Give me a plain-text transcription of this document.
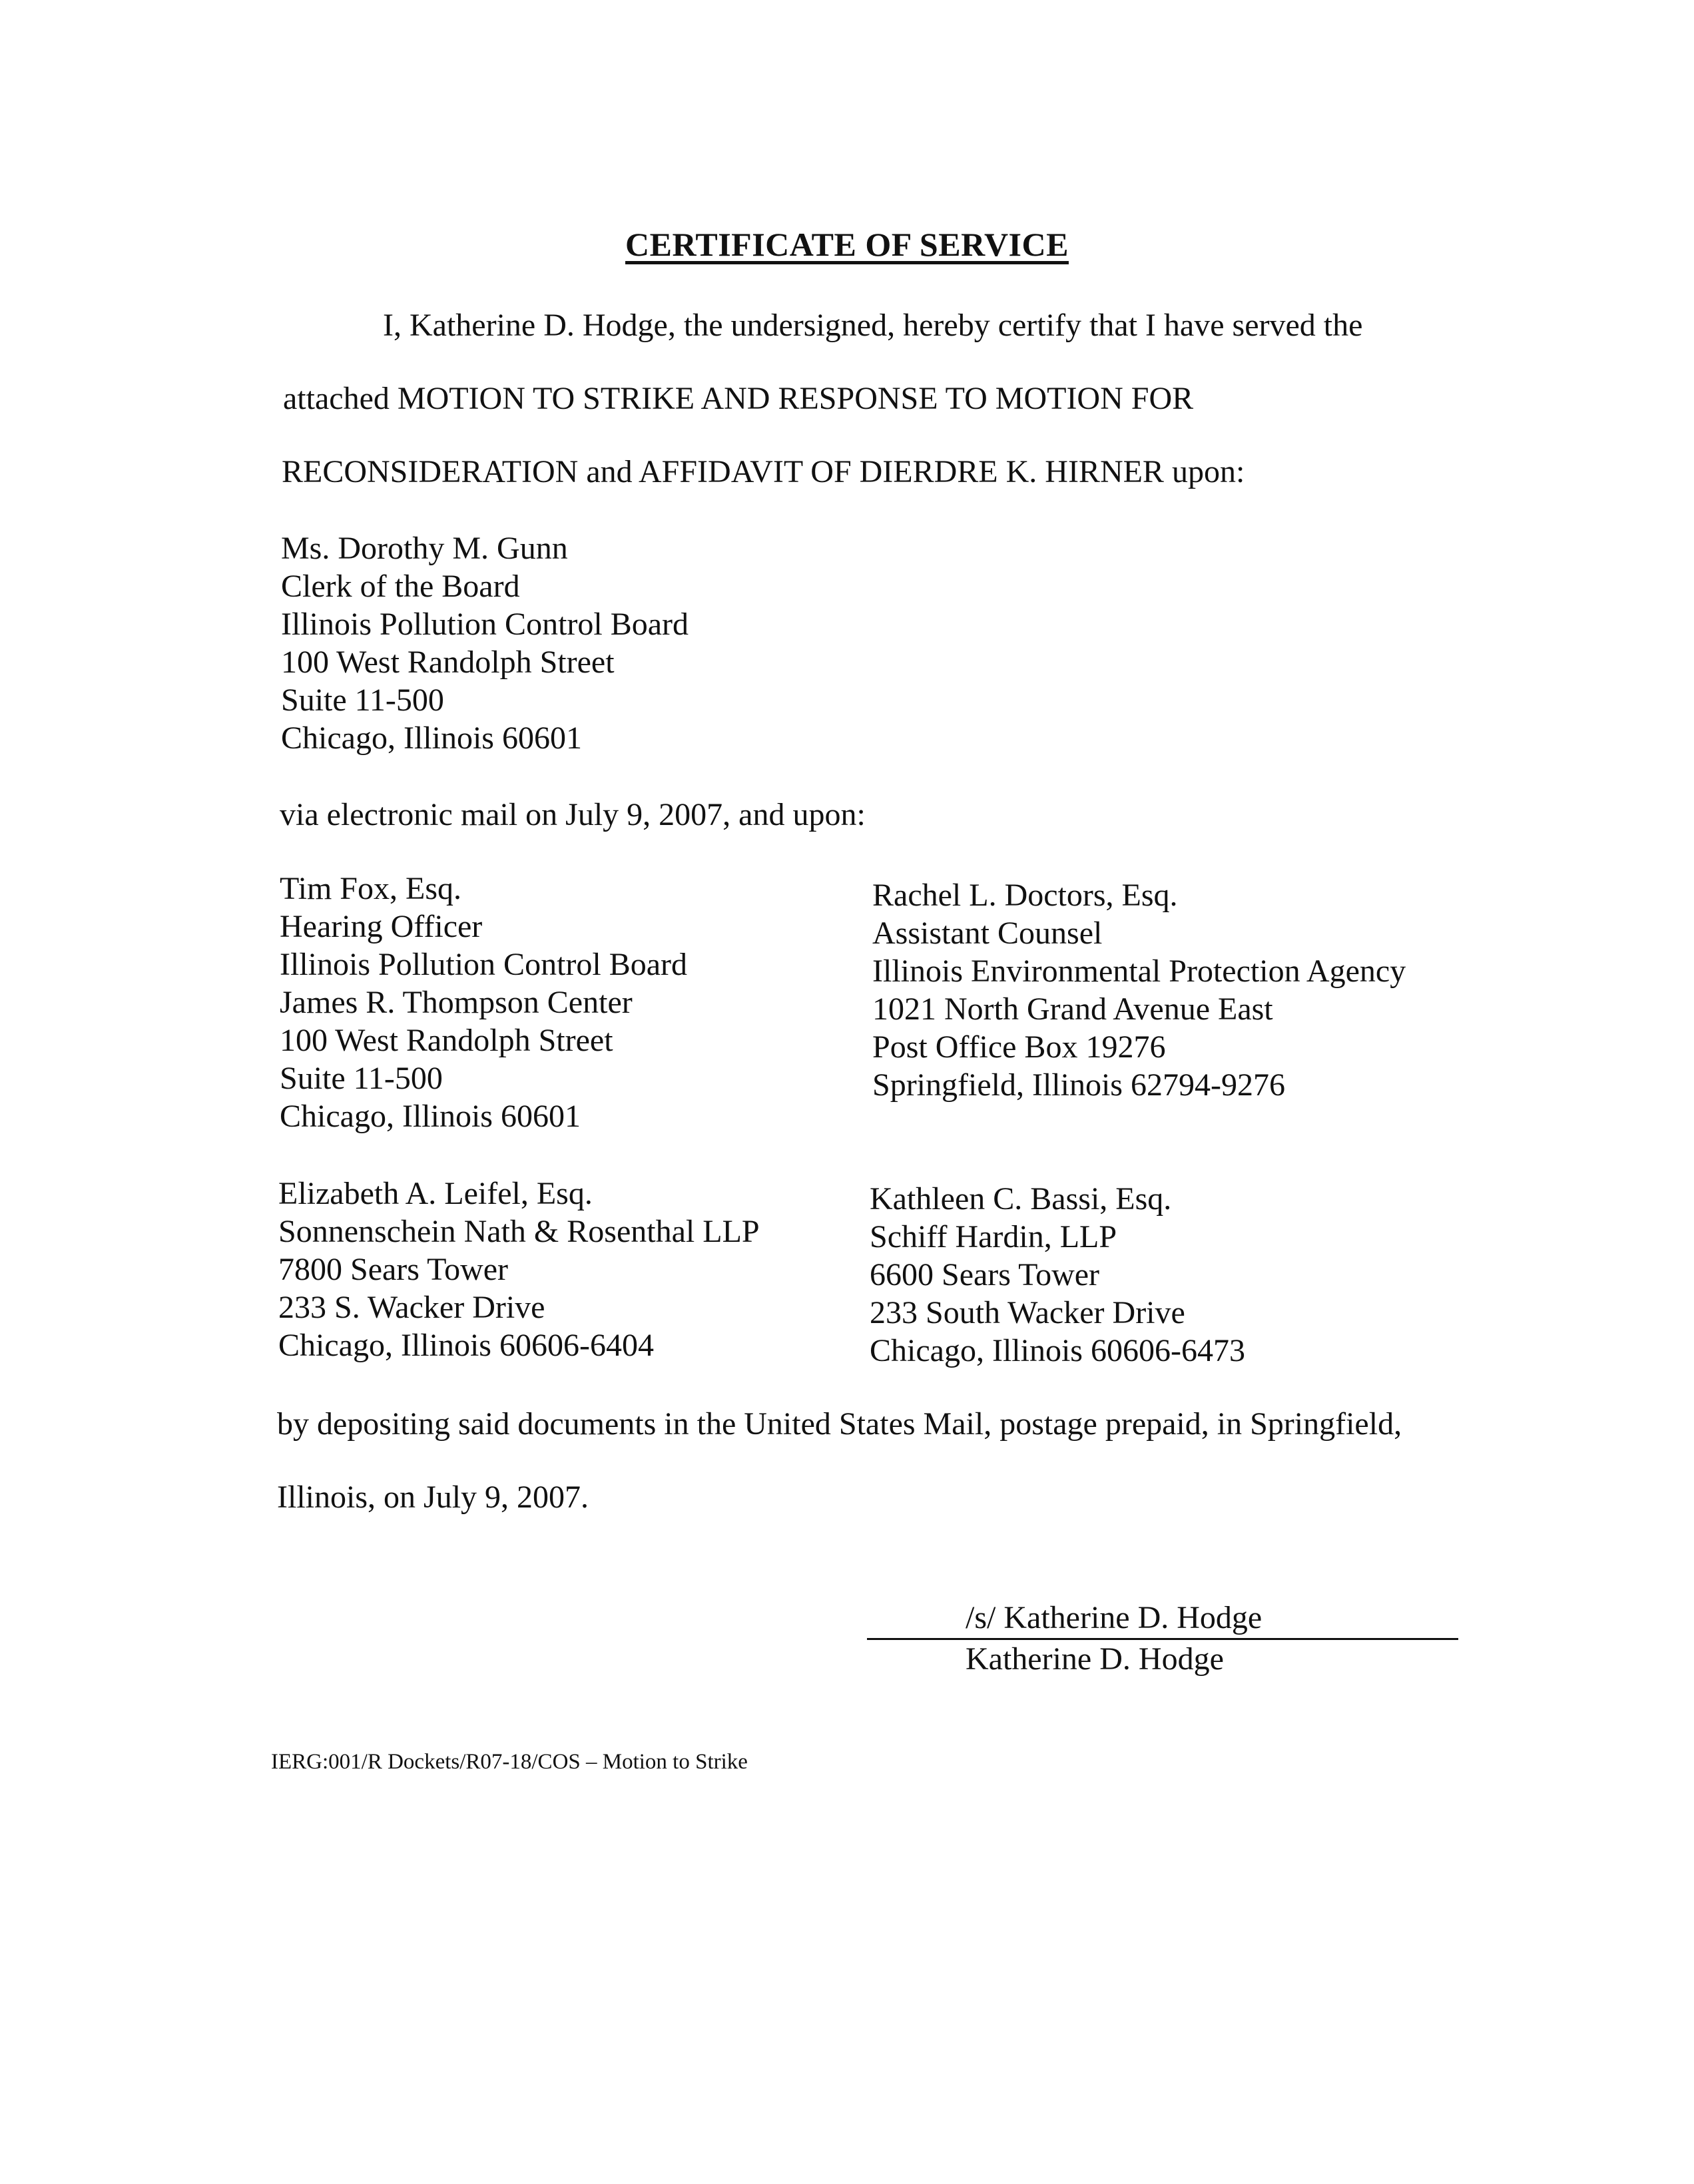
CERTIFICATE OF SERVICE
I, Katherine D. Hodge, the undersigned, hereby certify that I have served the
attached MOTION TO STRIKE AND RESPONSE TO MOTION FOR
RECONSIDERATION and AFFIDAVIT OF DIERDRE K. HIRNER upon:
Ms. Dorothy M. Gunn
Clerk of the Board
Illinois Pollution Control Board
100 West Randolph Street
Suite 11-500
Chicago, Illinois 60601
via electronic mail on July 9, 2007, and upon:
Tim Fox, Esq.
Hearing Officer
Illinois Pollution Control Board
James R. Thompson Center
100 West Randolph Street
Suite 11-500
Chicago, Illinois 60601
Rachel L. Doctors, Esq.
Assistant Counsel
Illinois Environmental Protection Agency
1021 North Grand Avenue East
Post Office Box 19276
Springfield, Illinois 62794-9276
Elizabeth A. Leifel, Esq.
Sonnenschein Nath & Rosenthal LLP
7800 Sears Tower
233 S. Wacker Drive
Chicago, Illinois 60606-6404
Kathleen C. Bassi, Esq.
Schiff Hardin, LLP
6600 Sears Tower
233 South Wacker Drive
Chicago, Illinois 60606-6473
by depositing said documents in the United States Mail, postage prepaid, in Springfield,
Illinois, on July 9, 2007.
/s/ Katherine D. Hodge
Katherine D. Hodge
IERG:001/R Dockets/R07-18/COS – Motion to Strike
